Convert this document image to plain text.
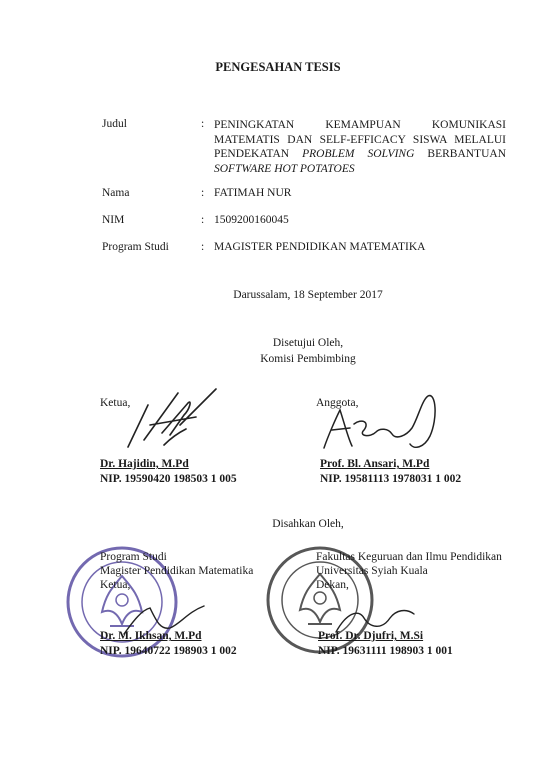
PENGESAHAN TESIS
Judul	: PENINGKATAN KEMAMPUAN KOMUNIKASI
MATEMATIS DAN SELF-EFFICACY SISWA MELALUI
PENDEKATAN PROBLEM SOLVING BERBANTUAN
SOFTWARE HOT POTATOES
Nama	: FATIMAH NUR
NIM	: 1509200160045
Program Studi	: MAGISTER PENDIDIKAN MATEMATIKA
Darussalam, 18 September 2017
Disetujui Oleh,
Komisi Pembimbing
Ketua,	Anggota,
Dr. Hajidin, M.Pd
NIP. 19590420 198503 1 005
Prof. Bl. Ansari, M.Pd
NIP. 19581113 1978031 1 002
Disahkan Oleh,
Program Studi
Magister Pendidikan Matematika
Ketua,
Fakultas Keguruan dan Ilmu Pendidikan
Universitas Syiah Kuala
Dekan,
Dr. M. Ikhsan, M.Pd
NIP. 19640722 198903 1 002
Prof. Dr. Djufri, M.Si
NIP. 19631111 198903 1 001
